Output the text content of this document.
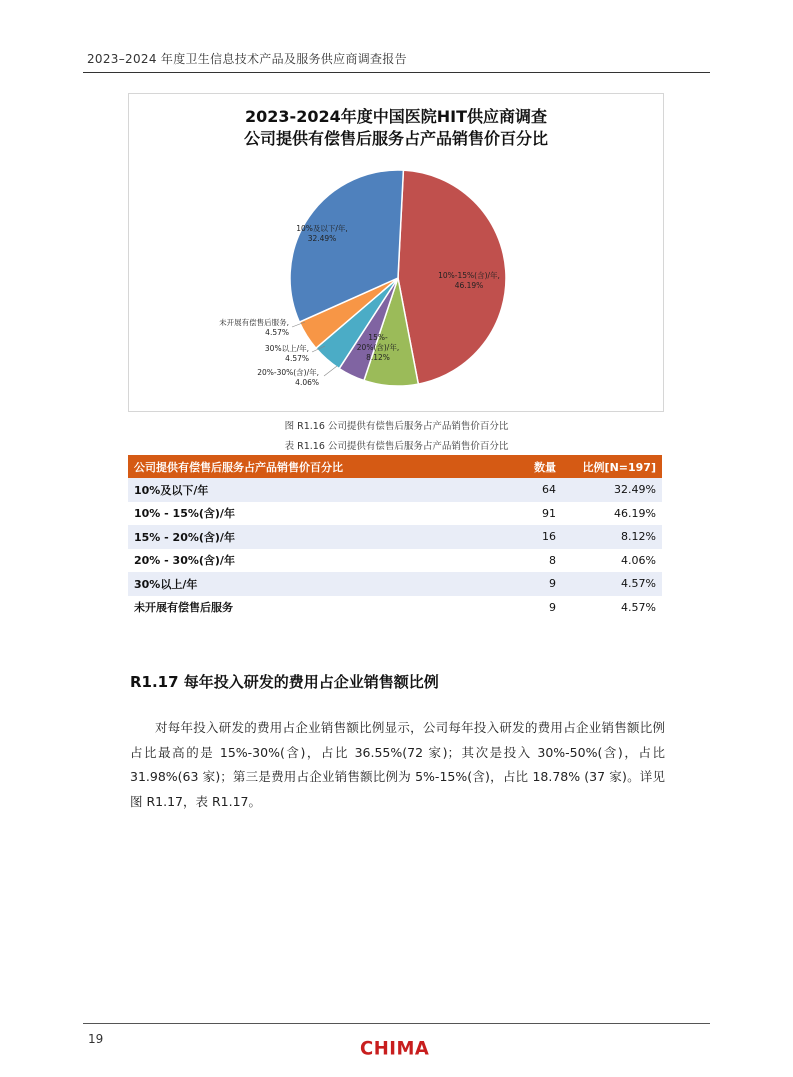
2023–2024 年度卫生信息技术产品及服务供应商调查报告
2023-2024年度中国医院HIT供应商调查
公司提供有偿售后服务占产品销售价百分比
10%-15%(含)/年, 46.19%
15%-20%(含)/年, 8.12%
20%-30%(含)/年, 4.06%
30%以上/年, 4.57%
未开展有偿售后服务, 4.57%
10%及以下/年, 32.49%
图 R1.16 公司提供有偿售后服务占产品销售价百分比
表 R1.16 公司提供有偿售后服务占产品销售价百分比
公司提供有偿售后服务占产品销售价百分比	数量	比例[N=197]
10%及以下/年	64	32.49%
10% - 15%(含)/年	91	46.19%
15% - 20%(含)/年	16	8.12%
20% - 30%(含)/年	8	4.06%
30%以上/年	9	4.57%
未开展有偿售后服务	9	4.57%
R1.17 每年投入研发的费用占企业销售额比例
对每年投入研发的费用占企业销售额比例显示，公司每年投入研发的费用占企业销售额比例占比最高的是 15%-30%(含)，占比 36.55%(72 家)；其次是投入 30%-50%(含)，占比 31.98%(63 家)；第三是费用占企业销售额比例为 5%-15%(含)，占比 18.78% (37 家)。详见图 R1.17，表 R1.17。
19	CHIMA
